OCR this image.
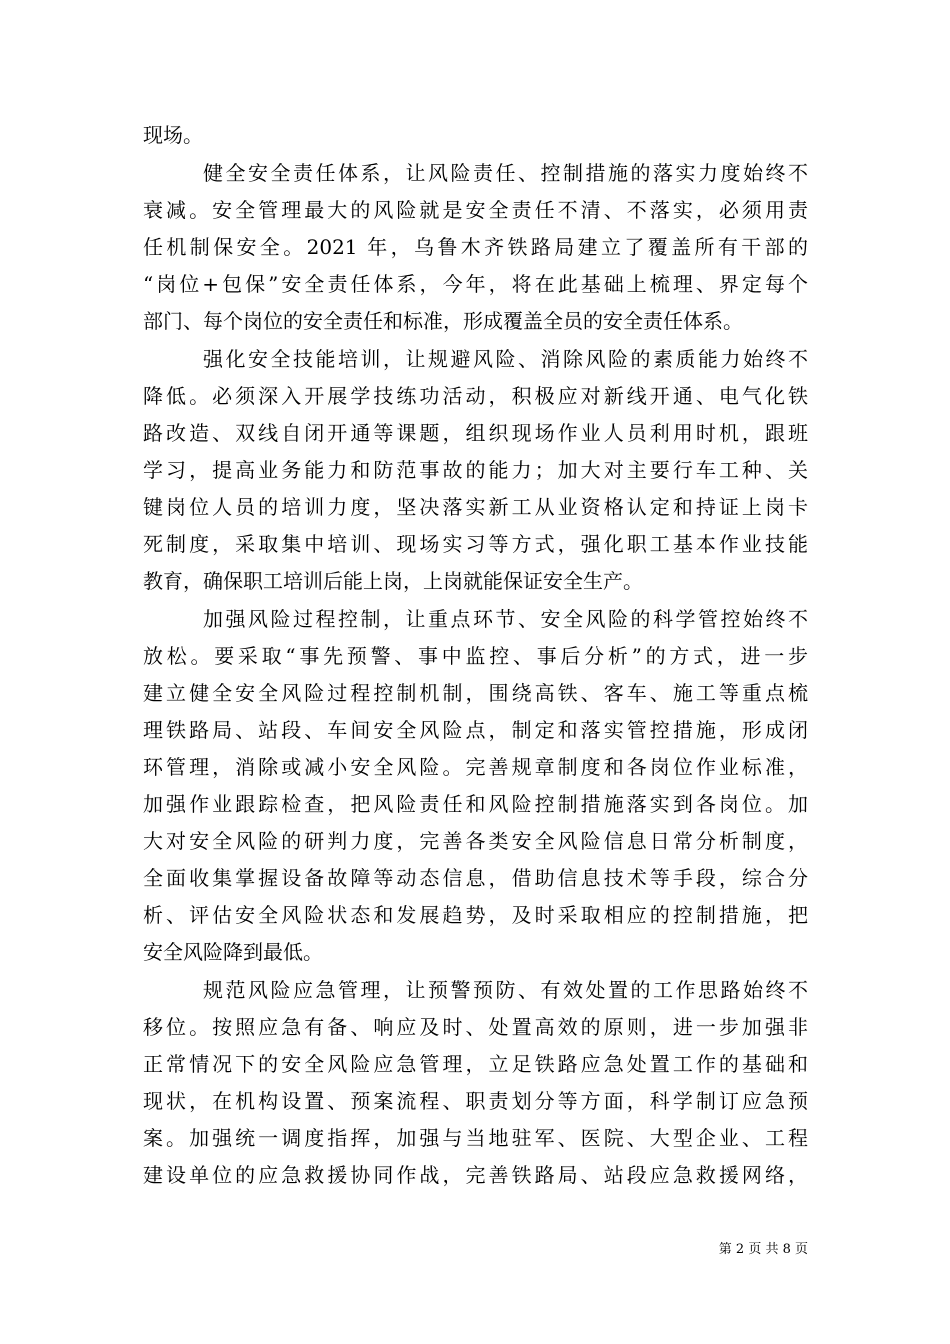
现场。
健全安全责任体系，让风险责任、控制措施的落实力度始终不
衰减。安全管理最大的风险就是安全责任不清、不落实，必须用责
任机制保安全。2021 年，乌鲁木齐铁路局建立了覆盖所有干部的
“岗位+包保”安全责任体系，今年，将在此基础上梳理、界定每个
部门、每个岗位的安全责任和标准，形成覆盖全员的安全责任体系。
强化安全技能培训，让规避风险、消除风险的素质能力始终不
降低。必须深入开展学技练功活动，积极应对新线开通、电气化铁
路改造、双线自闭开通等课题，组织现场作业人员利用时机，跟班
学习，提高业务能力和防范事故的能力；加大对主要行车工种、关
键岗位人员的培训力度，坚决落实新工从业资格认定和持证上岗卡
死制度，采取集中培训、现场实习等方式，强化职工基本作业技能
教育，确保职工培训后能上岗，上岗就能保证安全生产。
加强风险过程控制，让重点环节、安全风险的科学管控始终不
放松。要采取“事先预警、事中监控、事后分析”的方式，进一步
建立健全安全风险过程控制机制，围绕高铁、客车、施工等重点梳
理铁路局、站段、车间安全风险点，制定和落实管控措施，形成闭
环管理，消除或减小安全风险。完善规章制度和各岗位作业标准，
加强作业跟踪检查，把风险责任和风险控制措施落实到各岗位。加
大对安全风险的研判力度，完善各类安全风险信息日常分析制度，
全面收集掌握设备故障等动态信息，借助信息技术等手段，综合分
析、评估安全风险状态和发展趋势，及时采取相应的控制措施，把
安全风险降到最低。
规范风险应急管理，让预警预防、有效处置的工作思路始终不
移位。按照应急有备、响应及时、处置高效的原则，进一步加强非
正常情况下的安全风险应急管理，立足铁路应急处置工作的基础和
现状，在机构设置、预案流程、职责划分等方面，科学制订应急预
案。加强统一调度指挥，加强与当地驻军、医院、大型企业、工程
建设单位的应急救援协同作战，完善铁路局、站段应急救援网络，
第 2 页 共 8 页
